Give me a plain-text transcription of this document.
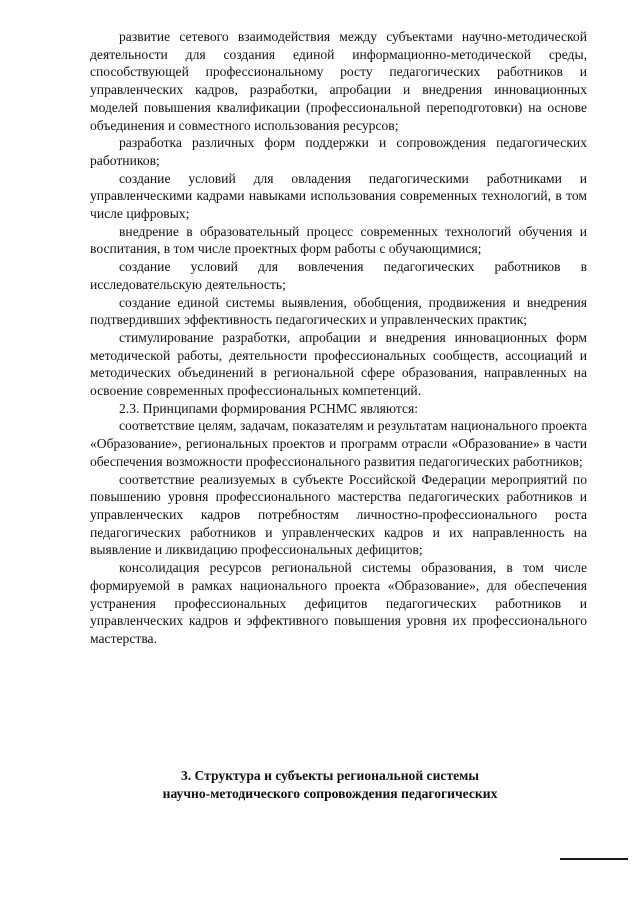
развитие сетевого взаимодействия между субъектами научно-методической деятельности для создания единой информационно-методической среды, способствующей профессиональному росту педагогических работников и управленческих кадров, разработки, апробации и внедрения инновационных моделей повышения квалификации (профессиональной переподготовки) на основе объединения и совместного использования ресурсов;

разработка различных форм поддержки и сопровождения педагогических работников;

создание условий для овладения педагогическими работниками и управленческими кадрами навыками использования современных технологий, в том числе цифровых;

внедрение в образовательный процесс современных технологий обучения и воспитания, в том числе проектных форм работы с обучающимися;

создание условий для вовлечения педагогических работников в исследовательскую деятельность;

создание единой системы выявления, обобщения, продвижения и внедрения подтвердивших эффективность педагогических и управленческих практик;

стимулирование разработки, апробации и внедрения инновационных форм методической работы, деятельности профессиональных сообществ, ассоциаций и методических объединений в региональной сфере образования, направленных на освоение современных профессиональных компетенций.

2.3. Принципами формирования РСНМС являются:

соответствие целям, задачам, показателям и результатам национального проекта «Образование», региональных проектов и программ отрасли «Образование» в части обеспечения возможности профессионального развития педагогических работников;

соответствие реализуемых в субъекте Российской Федерации мероприятий по повышению уровня профессионального мастерства педагогических работников и управленческих кадров потребностям личностно-профессионального роста педагогических работников и управленческих кадров и их направленность на выявление и ликвидацию профессиональных дефицитов;

консолидация ресурсов региональной системы образования, в том числе формируемой в рамках национального проекта «Образование», для обеспечения устранения профессиональных дефицитов педагогических работников и управленческих кадров и эффективного повышения уровня их профессионального мастерства.

3. Структура и субъекты региональной системы
научно-методического сопровождения педагогических
